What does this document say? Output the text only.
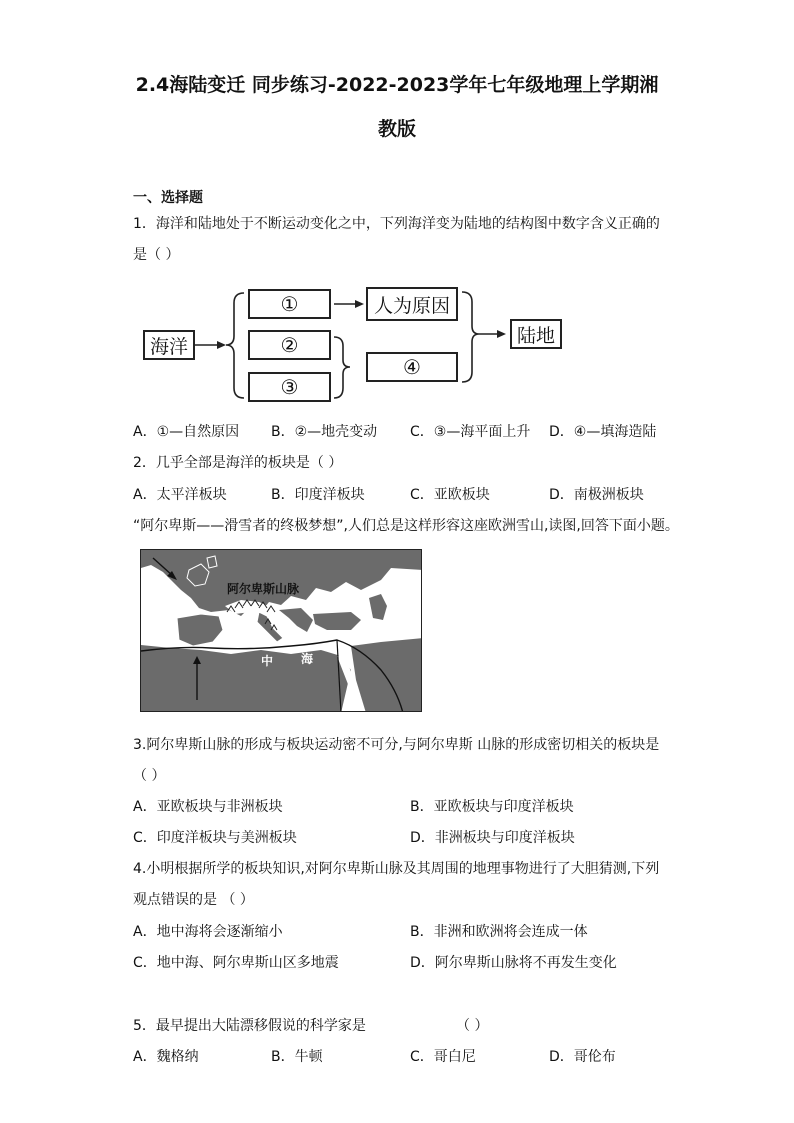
2.4海陆变迁 同步练习-2022-2023学年七年级地理上学期湘
教版
一、选择题
1．海洋和陆地处于不断运动变化之中，下列海洋变为陆地的结构图中数字含义正确的
是（ ）
海洋
①
②
③
人为原因
④
陆地
A．①—自然原因 B．②—地壳变动 C．③—海平面上升 D．④—填海造陆
2．几乎全部是海洋的板块是（ ）
A．太平洋板块	B．印度洋板块	C．亚欧板块	D．南极洲板块
“阿尔卑斯——滑雪者的终极梦想”,人们总是这样形容这座欧洲雪山,读图,回答下面小题。
阿尔卑斯山脉
地
中 海
3.阿尔卑斯山脉的形成与板块运动密不可分,与阿尔卑斯 山脉的形成密切相关的板块是
（ ）
A．亚欧板块与非洲板块	B．亚欧板块与印度洋板块
C．印度洋板块与美洲板块	D．非洲板块与印度洋板块
4.小明根据所学的板块知识,对阿尔卑斯山脉及其周围的地理事物进行了大胆猜测,下列
观点错误的是 （ ）
A．地中海将会逐渐缩小	B．非洲和欧洲将会连成一体
C．地中海、阿尔卑斯山区多地震	D．阿尔卑斯山脉将不再发生变化
5．最早提出大陆漂移假说的科学家是	（ ）
A．魏格纳	B．牛顿	C．哥白尼	D．哥伦布
